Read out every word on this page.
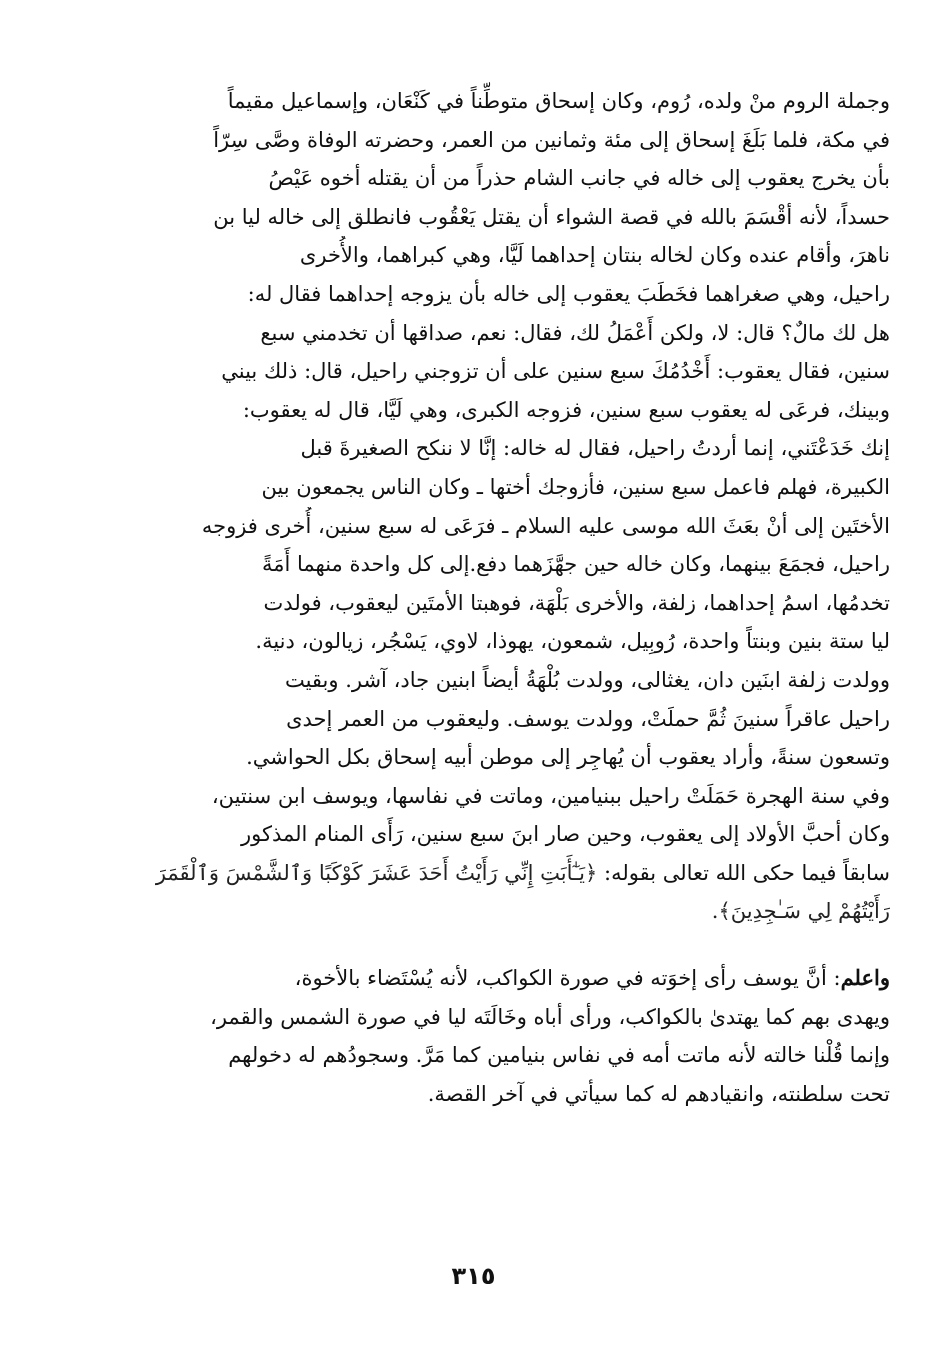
وجملة الروم منْ ولده، رُوم، وكان إسحاق متوطِّناً في كَنْعَان، وإسماعيل مقيماً
في مكة، فلما بَلَغَ إسحاق إلى مئة وثمانين من العمر، وحضرته الوفاة وصَّى سِرّاً
بأن يخرج يعقوب إلى خاله في جانب الشام حذراً من أن يقتله أخوه عَيْصُ
حسداً، لأنه أقْسَمَ بالله في قصة الشواء أن يقتل يَعْقُوب فانطلق إلى خاله ليا بن
ناهرَ، وأقام عنده وكان لخاله بنتان إحداهما لَيَّا، وهي كبراهما، والأُخرى
راحيل، وهي صغراهما فخَطَبَ يعقوب إلى خاله بأن يزوجه إحداهما فقال له:
هل لك مالٌ؟ قال: لا، ولكن أَعْمَلُ لك، فقال: نعم، صداقها أن تخدمني سبع
سنين، فقال يعقوب: أَخْدُمُكَ سبع سنين على أن تزوجني راحيل، قال: ذلك بيني
وبينك، فرعَى له يعقوب سبع سنين، فزوجه الكبرى، وهي لَيَّا، قال له يعقوب:
إنك خَدَعْتَني، إنما أردتُ راحيل، فقال له خاله: إنَّا لا ننكح الصغيرةَ قبل
الكبيرة، فهلم فاعمل سبع سنين، فأزوجك أختها ـ وكان الناس يجمعون بين
الأختَين إلى أنْ بعَثَ الله موسى عليه السلام ـ فرَعَى له سبع سنين، أُخرى فزوجه
راحيل، فجمَعَ بينهما، وكان خاله حين جهَّزَهما دفع.إلى كل واحدة منهما أَمَةً
تخدمُها، اسمُ إحداهما، زلفة، والأخرى بَلْهَة، فوهبتا الأمتَين ليعقوب، فولدت
ليا ستة بنين وبنتاً واحدة، رُوبِيل، شمعون، يهوذا، لاوي، يَسْجُر، زيالون، دنية.
وولدت زلفة ابنَين دان، يغثالى، وولدت بُلْهَةُ أيضاً ابنين جاد، آشر. وبقيت
راحيل عاقراً سنينَ ثُمَّ حملَتْ، وولدت يوسف. وليعقوب من العمر إحدى
وتسعون سنةً، وأراد يعقوب أن يُهاجِر إلى موطن أبيه إسحاق بكل الحواشي.
وفي سنة الهجرة حَمَلَتْ راحيل ببنيامين، وماتت في نفاسها، ويوسف ابن سنتين،
وكان أحبَّ الأولاد إلى يعقوب، وحين صار ابنَ سبع سنين، رَأَى المنام المذكور
سابقاً فيما حكى الله تعالى بقوله: ﴿يَـٰٓأَبَتِ إِنِّي رَأَيْتُ أَحَدَ عَشَرَ كَوْكَبًا وَٱلشَّمْسَ وَٱلْقَمَرَ
رَأَيْتُهُمْ لِي سَـٰجِدِينَ﴾.
واعلم: أنَّ يوسف رأى إخوَته في صورة الكواكب، لأنه يُسْتَضاء بالأخوة،
ويهدى بهم كما يهتدىٰ بالكواكب، ورأى أباه وخَالَتَه ليا في صورة الشمس والقمر،
وإنما قُلْنا خالته لأنه ماتت أمه في نفاس بنيامين كما مَرَّ. وسجودُهم له دخولهم
تحت سلطنته، وانقيادهم له كما سيأتي في آخر القصة.
٣١٥
